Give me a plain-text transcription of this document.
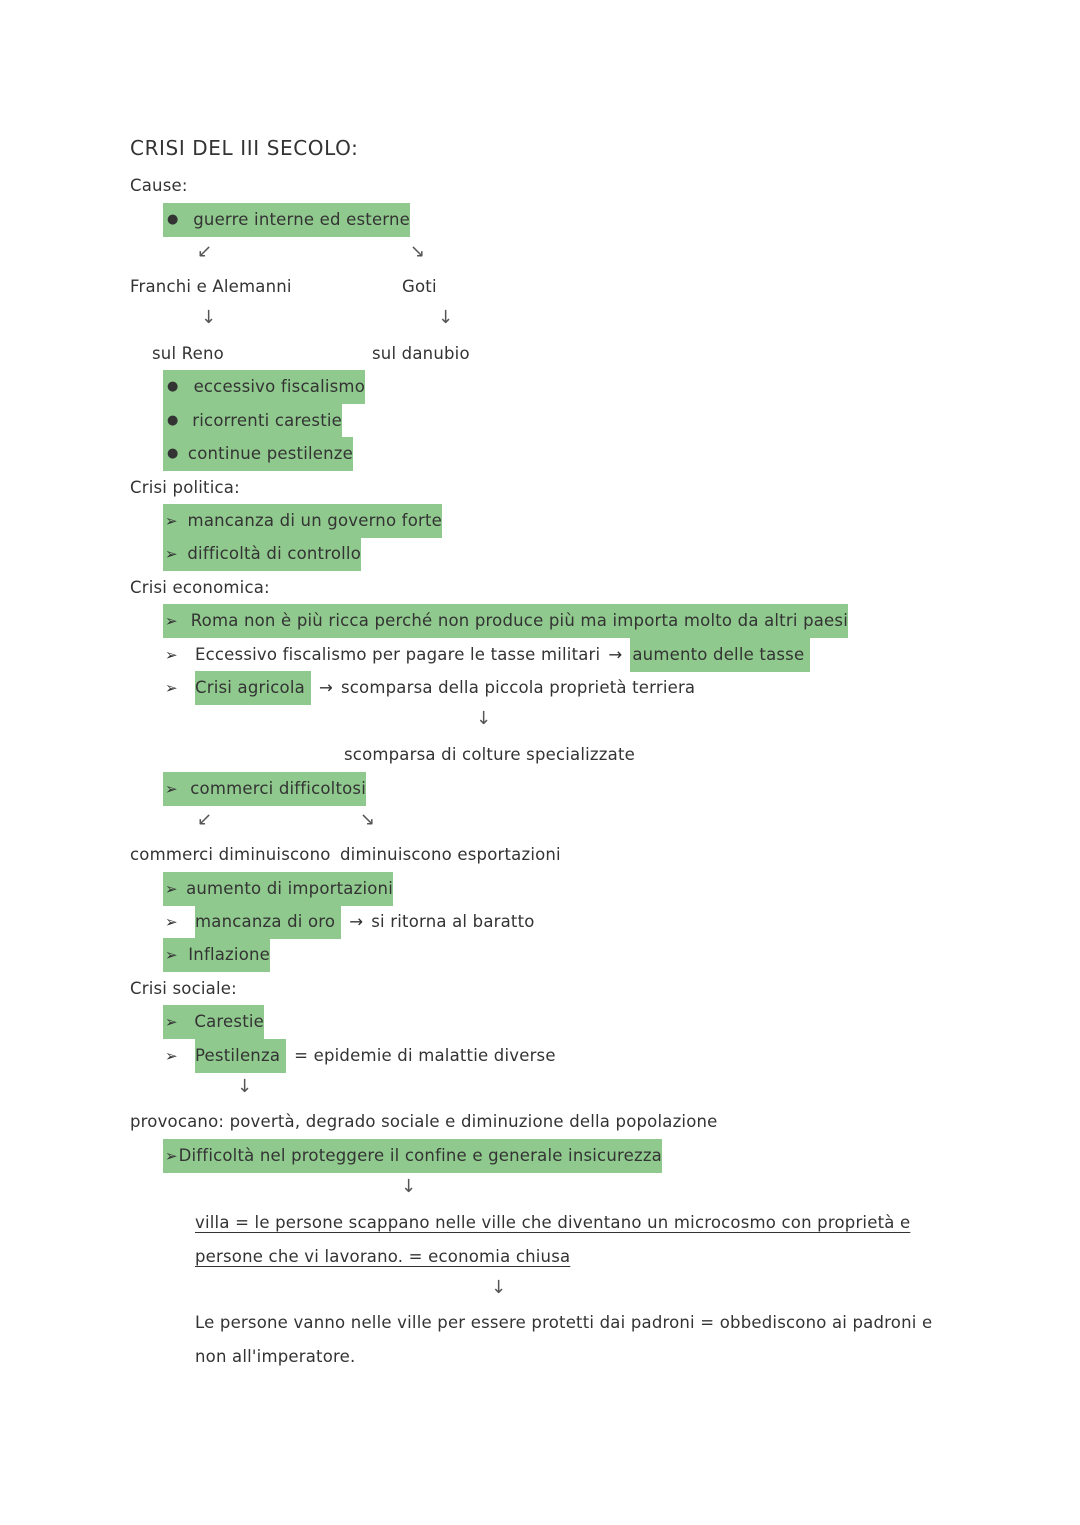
CRISI DEL III SECOLO:
Cause:
● guerre interne ed esterne
↙	↘
Franchi e Alemanni	Goti
↓	↓
sul Reno	sul danubio
● eccessivo fiscalismo
● ricorrenti carestie
● continue pestilenze
Crisi politica:
➢ mancanza di un governo forte
➢ difficoltà di controllo
Crisi economica:
➢ Roma non è più ricca perché non produce più ma importa molto da altri paesi
➢	Eccessivo fiscalismo per pagare le tasse militari → aumento delle tasse
➢	Crisi agricola → scomparsa della piccola proprietà terriera
↓
scomparsa di colture specializzate
➢ commerci difficoltosi
↙	↘
commerci diminuiscono diminuiscono esportazioni
➢ aumento di importazioni
➢	mancanza di oro → si ritorna al baratto
➢ Inflazione
Crisi sociale:
➢	Carestie
➢	Pestilenza = epidemie di malattie diverse
↓
provocano: povertà, degrado sociale e diminuzione della popolazione
➢ Difficoltà nel proteggere il confine e generale insicurezza
↓
villa = le persone scappano nelle ville che diventano un microcosmo con proprietà e
persone che vi lavorano. = economia chiusa
↓
Le persone vanno nelle ville per essere protetti dai padroni = obbediscono ai padroni e
non all'imperatore.
